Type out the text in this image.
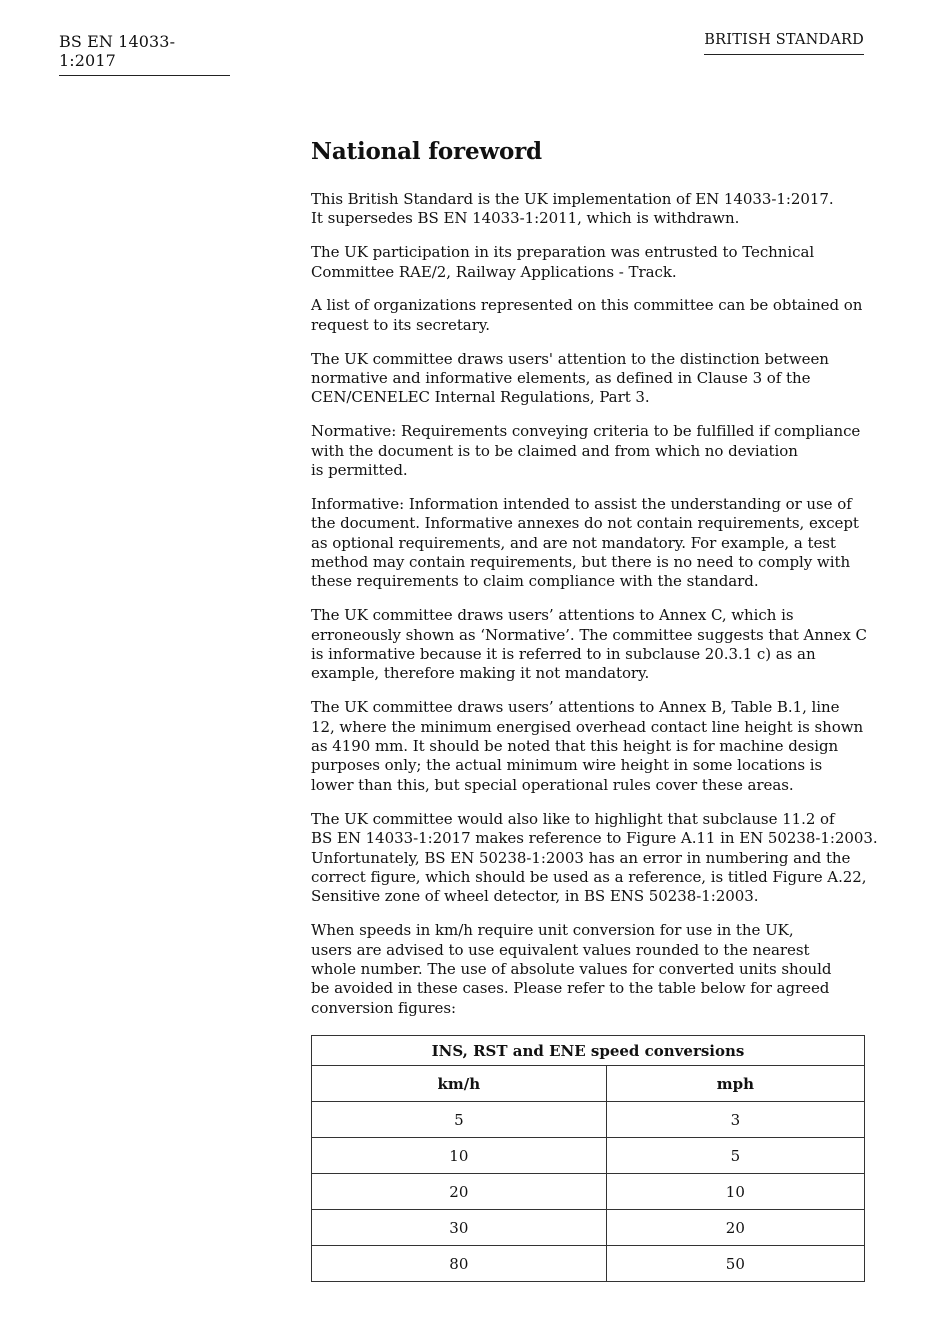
BS EN 14033-1:2017
BRITISH STANDARD
National foreword
This British Standard is the UK implementation of EN 14033-1:2017.
It supersedes BS EN 14033-1:2011, which is withdrawn.
The UK participation in its preparation was entrusted to Technical
Committee RAE/2, Railway Applications - Track.
A list of organizations represented on this committee can be obtained on
request to its secretary.
The UK committee draws users' attention to the distinction between
normative and informative elements, as defined in Clause 3 of the
CEN/CENELEC Internal Regulations, Part 3.
Normative: Requirements conveying criteria to be fulfilled if compliance
with the document is to be claimed and from which no deviation
is permitted.
Informative: Information intended to assist the understanding or use of
the document. Informative annexes do not contain requirements, except
as optional requirements, and are not mandatory. For example, a test
method may contain requirements, but there is no need to comply with
these requirements to claim compliance with the standard.
The UK committee draws users’ attentions to Annex C, which is
erroneously shown as ‘Normative’. The committee suggests that Annex C
is informative because it is referred to in subclause 20.3.1 c) as an
example, therefore making it not mandatory.
The UK committee draws users’ attentions to Annex B, Table B.1, line
12, where the minimum energised overhead contact line height is shown
as 4190 mm. It should be noted that this height is for machine design
purposes only; the actual minimum wire height in some locations is
lower than this, but special operational rules cover these areas.
The UK committee would also like to highlight that subclause 11.2 of
BS EN 14033-1:2017 makes reference to Figure A.11 in EN 50238-1:2003.
Unfortunately, BS EN 50238-1:2003 has an error in numbering and the
correct figure, which should be used as a reference, is titled Figure A.22,
Sensitive zone of wheel detector, in BS ENS 50238-1:2003.
When speeds in km/h require unit conversion for use in the UK,
users are advised to use equivalent values rounded to the nearest
whole number. The use of absolute values for converted units should
be avoided in these cases. Please refer to the table below for agreed
conversion figures:
INS, RST and ENE speed conversions	
km/h	mph
5	3
10	5
20	10
30	20
80	50
